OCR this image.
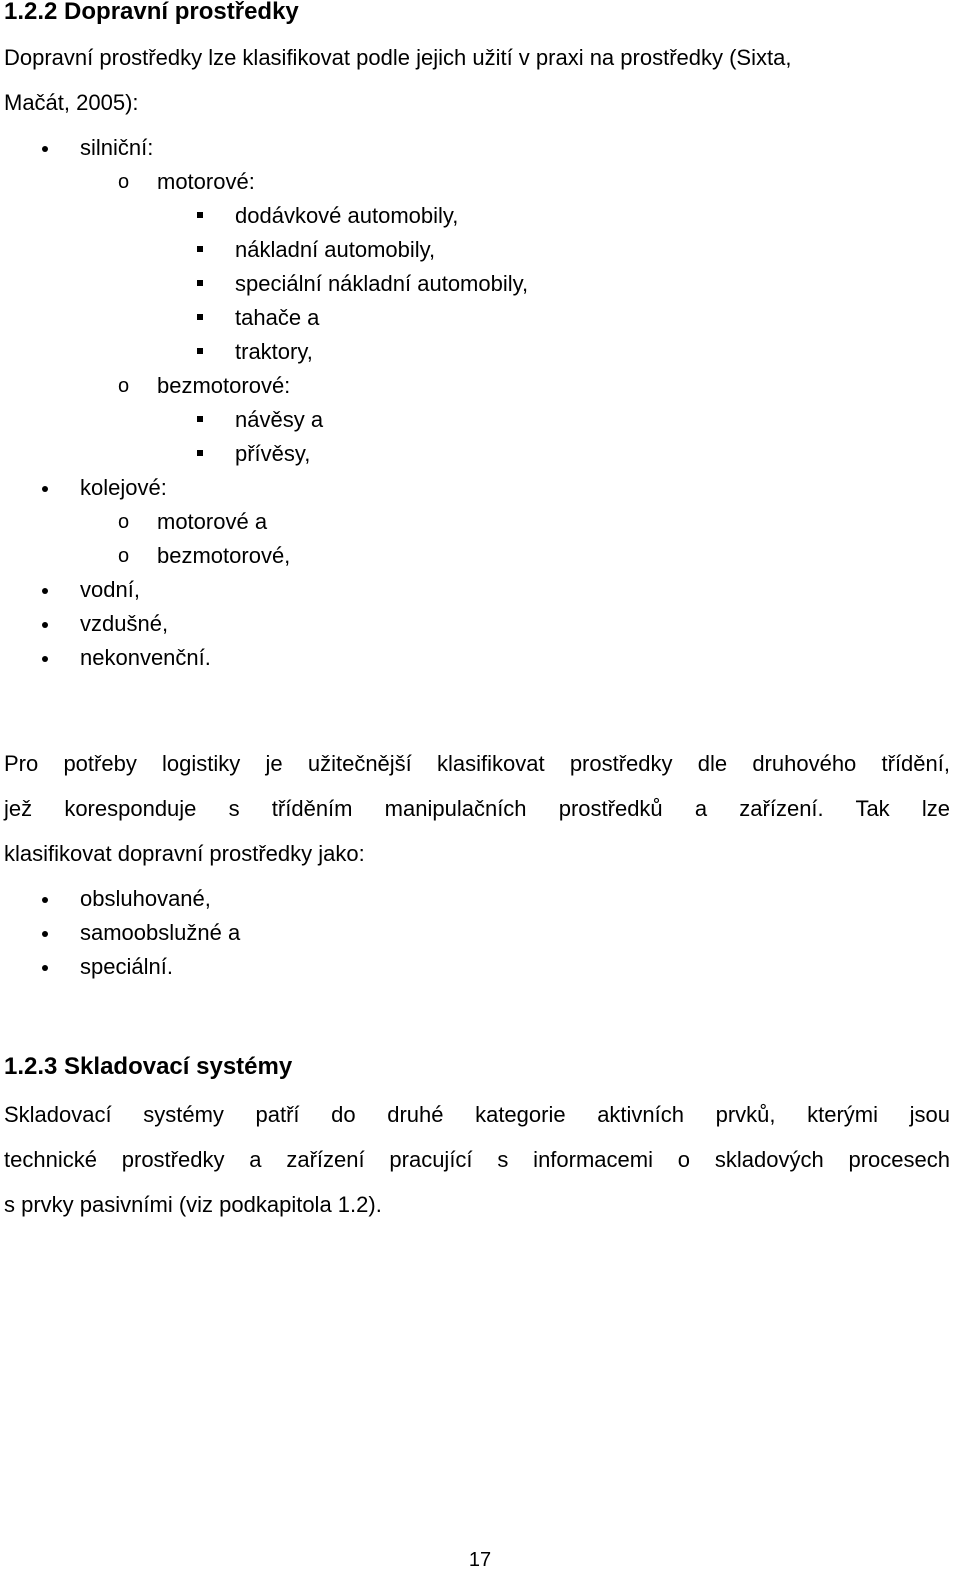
1.2.2 Dopravní prostředky
Dopravní prostředky lze klasifikovat podle jejich užití v praxi na prostředky (Sixta,
Mačát, 2005):
silniční:
o motorové:
dodávkové automobily,
nákladní automobily,
speciální nákladní automobily,
tahače a
traktory,
o bezmotorové:
návěsy a
přívěsy,
kolejové:
o motorové a
o bezmotorové,
vodní,
vzdušné,
nekonvenční.
Pro potřeby logistiky je užitečnější klasifikovat prostředky dle druhového třídění,
jež koresponduje s tříděním manipulačních prostředků a zařízení. Tak lze
klasifikovat dopravní prostředky jako:
obsluhované,
samoobslužné a
speciální.
1.2.3 Skladovací systémy
Skladovací systémy patří do druhé kategorie aktivních prvků, kterými jsou
technické prostředky a zařízení pracující s informacemi o skladových procesech
s prvky pasivními (viz podkapitola 1.2).
17
